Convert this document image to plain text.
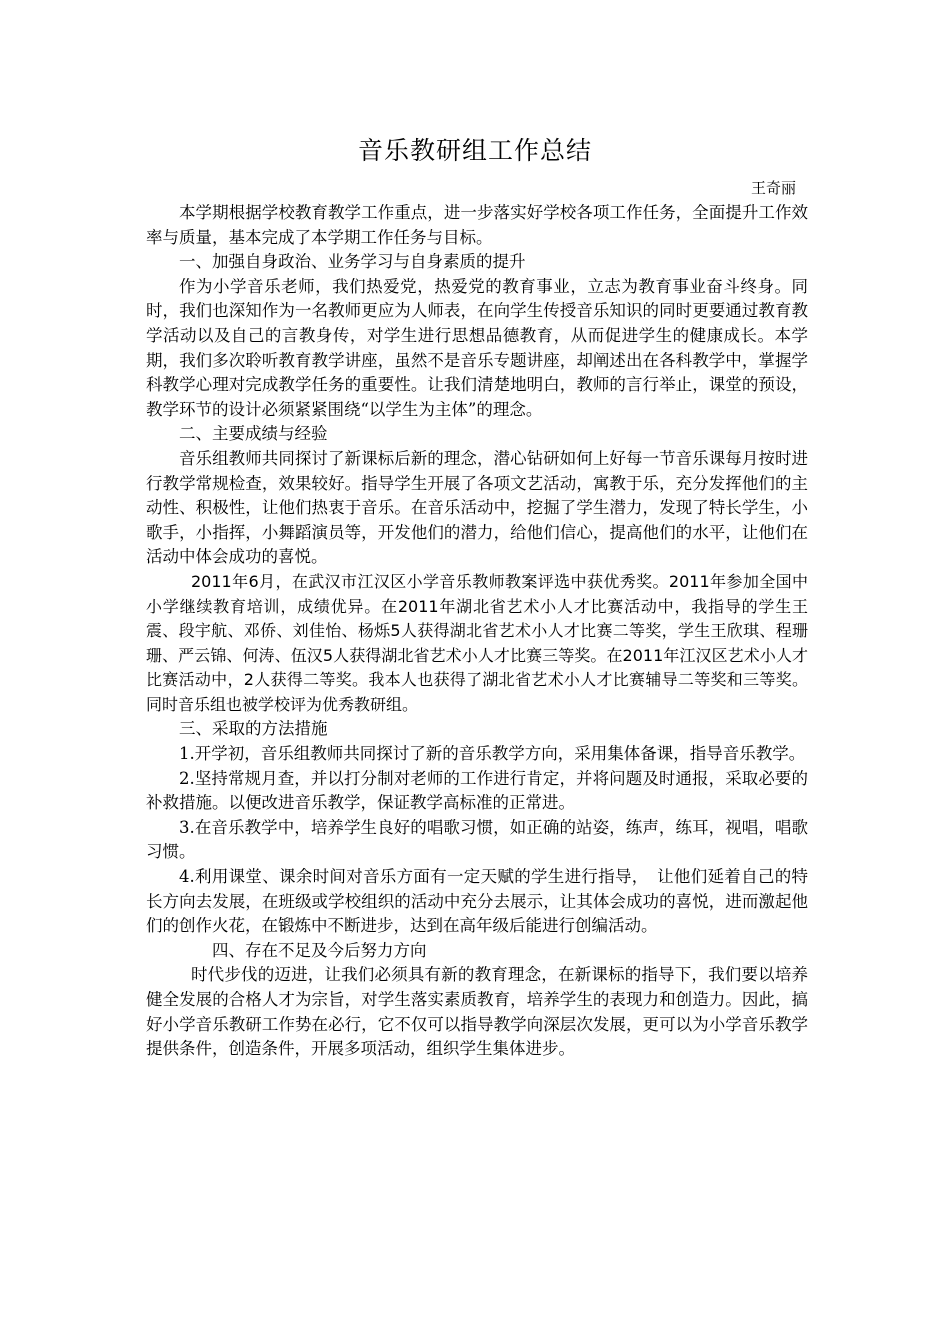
音乐教研组工作总结
王奇丽

本学期根据学校教育教学工作重点，进一步落实好学校各项工作任务，全面提升工作效率与质量，基本完成了本学期工作任务与目标。

一、加强自身政治、业务学习与自身素质的提升

作为小学音乐老师，我们热爱党，热爱党的教育事业，立志为教育事业奋斗终身。同时，我们也深知作为一名教师更应为人师表，在向学生传授音乐知识的同时更要通过教育教学活动以及自己的言教身传，对学生进行思想品德教育，从而促进学生的健康成长。本学期，我们多次聆听教育教学讲座，虽然不是音乐专题讲座，却阐述出在各科教学中，掌握学科教学心理对完成教学任务的重要性。让我们清楚地明白，教师的言行举止，课堂的预设，教学环节的设计必须紧紧围绕“以学生为主体”的理念。

二、主要成绩与经验

音乐组教师共同探讨了新课标后新的理念，潜心钻研如何上好每一节音乐课每月按时进行教学常规检查，效果较好。指导学生开展了各项文艺活动，寓教于乐，充分发挥他们的主动性、积极性，让他们热衷于音乐。在音乐活动中，挖掘了学生潜力，发现了特长学生，小歌手，小指挥，小舞蹈演员等，开发他们的潜力，给他们信心，提高他们的水平，让他们在活动中体会成功的喜悦。

2011年6月，在武汉市江汉区小学音乐教师教案评选中获优秀奖。2011年参加全国中小学继续教育培训，成绩优异。在2011年湖北省艺术小人才比赛活动中，我指导的学生王震、段宇航、邓侨、刘佳怡、杨烁5人获得湖北省艺术小人才比赛二等奖，学生王欣琪、程珊珊、严云锦、何涛、伍汉5人获得湖北省艺术小人才比赛三等奖。在2011年江汉区艺术小人才比赛活动中，2人获得二等奖。我本人也获得了湖北省艺术小人才比赛辅导二等奖和三等奖。同时音乐组也被学校评为优秀教研组。

三、采取的方法措施

1.开学初，音乐组教师共同探讨了新的音乐教学方向，采用集体备课，指导音乐教学。

2.坚持常规月查，并以打分制对老师的工作进行肯定，并将问题及时通报，采取必要的补救措施。以便改进音乐教学，保证教学高标准的正常进。

3.在音乐教学中，培养学生良好的唱歌习惯，如正确的站姿，练声，练耳，视唱，唱歌习惯。

4.利用课堂、课余时间对音乐方面有一定天赋的学生进行指导，　让他们延着自己的特长方向去发展，在班级或学校组织的活动中充分去展示，让其体会成功的喜悦，进而激起他们的创作火花，在锻炼中不断进步，达到在高年级后能进行创编活动。

四、存在不足及今后努力方向

时代步伐的迈进，让我们必须具有新的教育理念，在新课标的指导下，我们要以培养健全发展的合格人才为宗旨，对学生落实素质教育，培养学生的表现力和创造力。因此，搞好小学音乐教研工作势在必行，它不仅可以指导教学向深层次发展，更可以为小学音乐教学提供条件，创造条件，开展多项活动，组织学生集体进步。
